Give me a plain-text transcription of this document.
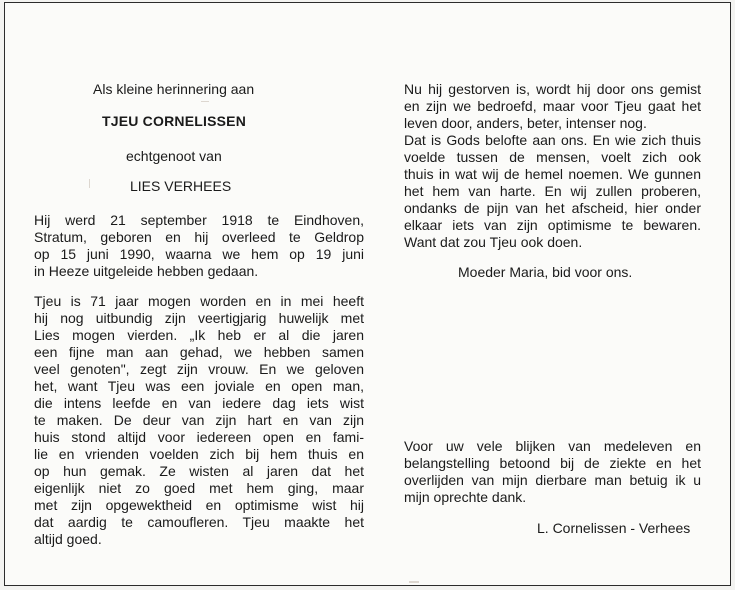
Als kleine herinnering aan
TJEU CORNELISSEN
echtgenoot van
LIES VERHEES
Hij werd 21 september 1918 te Eindhoven,
Stratum, geboren en hij overleed te Geldrop
op 15 juni 1990, waarna we hem op 19 juni
in Heeze uitgeleide hebben gedaan.
Tjeu is 71 jaar mogen worden en in mei heeft
hij nog uitbundig zijn veertigjarig huwelijk met
Lies mogen vierden. „Ik heb er al die jaren
een fijne man aan gehad, we hebben samen
veel genoten", zegt zijn vrouw. En we geloven
het, want Tjeu was een joviale en open man,
die intens leefde en van iedere dag iets wist
te maken. De deur van zijn hart en van zijn
huis stond altijd voor iedereen open en fami-
lie en vrienden voelden zich bij hem thuis en
op hun gemak. Ze wisten al jaren dat het
eigenlijk niet zo goed met hem ging, maar
met zijn opgewektheid en optimisme wist hij
dat aardig te camoufleren. Tjeu maakte het
altijd goed.
Nu hij gestorven is, wordt hij door ons gemist
en zijn we bedroefd, maar voor Tjeu gaat het
leven door, anders, beter, intenser nog.
Dat is Gods belofte aan ons. En wie zich thuis
voelde tussen de mensen, voelt zich ook
thuis in wat wij de hemel noemen. We gunnen
het hem van harte. En wij zullen proberen,
ondanks de pijn van het afscheid, hier onder
elkaar iets van zijn optimisme te bewaren.
Want dat zou Tjeu ook doen.
Moeder Maria, bid voor ons.
Voor uw vele blijken van medeleven en
belangstelling betoond bij de ziekte en het
overlijden van mijn dierbare man betuig ik u
mijn oprechte dank.
L. Cornelissen - Verhees
